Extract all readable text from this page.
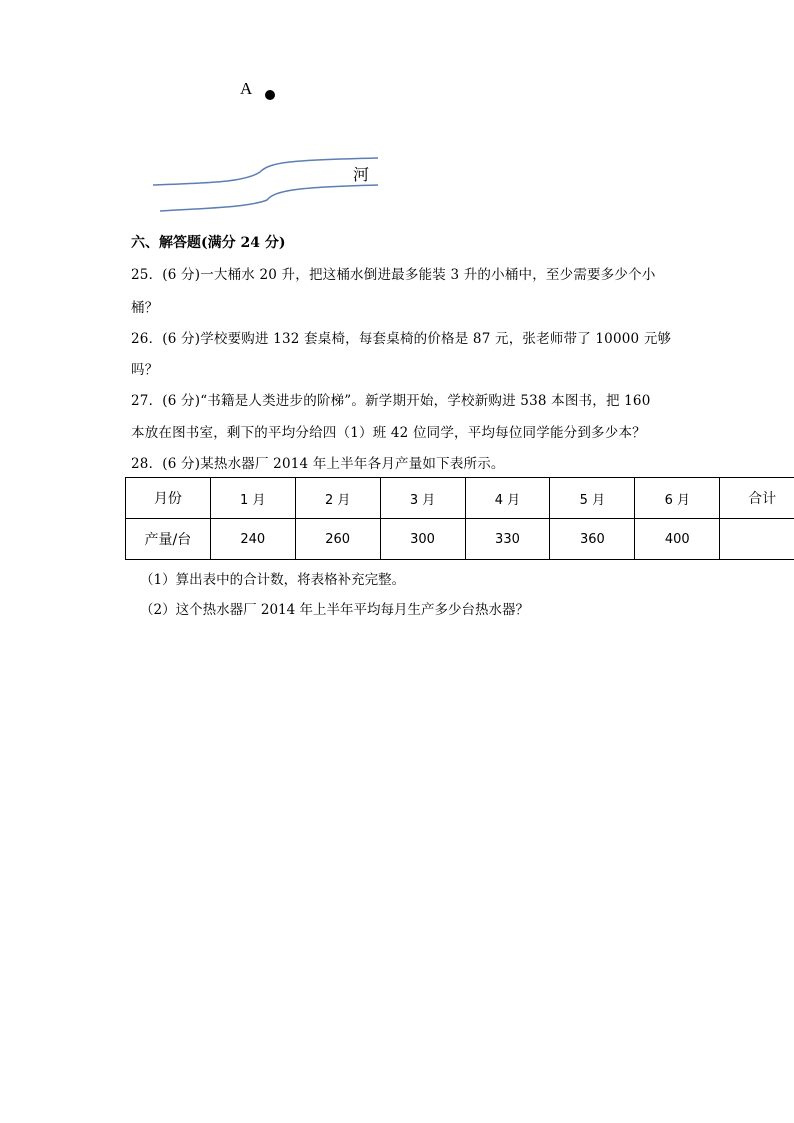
A
河
六、解答题(满分 24 分)
25．(6 分)一大桶水 20 升，把这桶水倒进最多能装 3 升的小桶中，至少需要多少个小
桶？
26．(6 分)学校要购进 132 套桌椅，每套桌椅的价格是 87 元，张老师带了 10000 元够
吗？
27．(6 分)“书籍是人类进步的阶梯”。新学期开始，学校新购进 538 本图书，把 160
本放在图书室，剩下的平均分给四（1）班 42 位同学，平均每位同学能分到多少本？
28．(6 分)某热水器厂 2014 年上半年各月产量如下表所示。
月份	1 月	2 月	3 月	4 月	5 月	6 月	合计
产量/台	240	260	300	330	360	400	
（1）算出表中的合计数，将表格补充完整。
（2）这个热水器厂 2014 年上半年平均每月生产多少台热水器？
